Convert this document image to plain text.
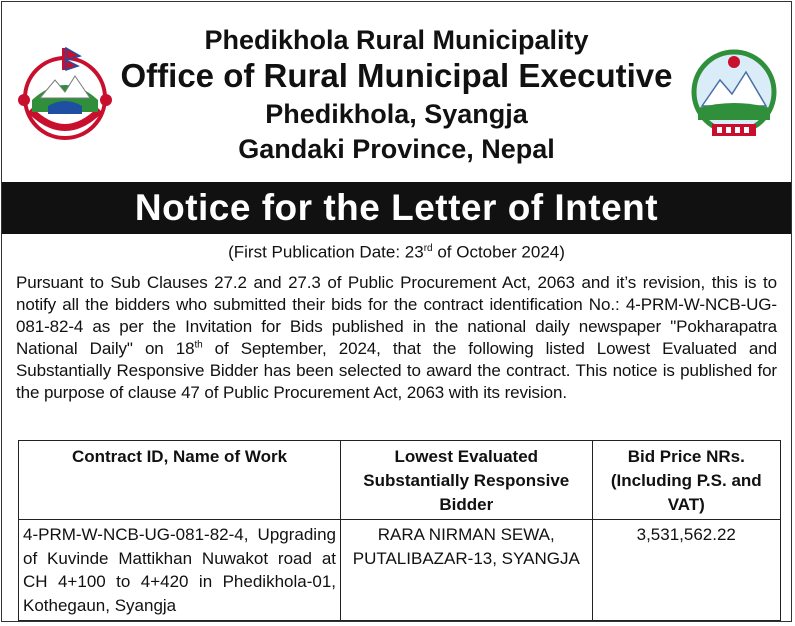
Phedikhola Rural Municipality
Office of Rural Municipal Executive
Phedikhola, Syangja
Gandaki Province, Nepal
Notice for the Letter of Intent
(First Publication Date: 23rd of October 2024)
Pursuant to Sub Clauses 27.2 and 27.3 of Public Procurement Act, 2063 and it’s revision, this is to notify all the bidders who submitted their bids for the contract identification No.: 4-PRM-W-NCB-UG-081-82-4 as per the Invitation for Bids published in the national daily newspaper "Pokharapatra National Daily" on 18th of September, 2024, that the following listed Lowest Evaluated and Substantially Responsive Bidder has been selected to award the contract. This notice is published for the purpose of clause 47 of Public Procurement Act, 2063 with its revision.
Contract ID, Name of Work	Lowest Evaluated Substantially Responsive Bidder	Bid Price NRs. (Including P.S. and VAT)
4-PRM-W-NCB-UG-081-82-4, Upgrading of Kuvinde Mattikhan Nuwakot road at CH 4+100 to 4+420 in Phedikhola-01, Kothegaun, Syangja	RARA NIRMAN SEWA, PUTALIBAZAR-13, SYANGJA	3,531,562.22
